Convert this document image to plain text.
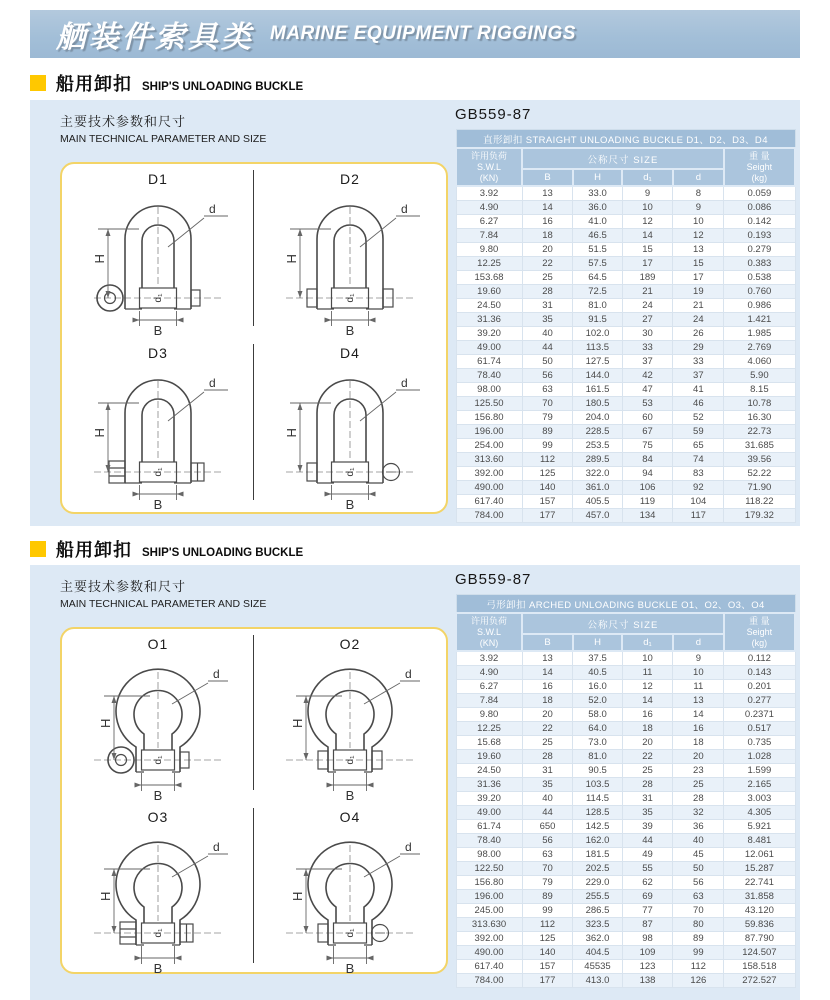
舾装件索具类 MARINE EQUIPMENT RIGGINGS
船用卸扣 SHIP'S UNLOADING BUCKLE
主要技术参数和尺寸
MAIN TECHNICAL PARAMETER AND SIZE
D1
H
B
d
d₁
D2
H
B
d
d₁
D3
H
B
d
d₁
D4
H
B
d
d₁
GB559-87
直形卸扣 STRAIGHT UNLOADING BUCKLE D1、D2、D3、D4					

许用负荷
S.W.L
(KN)
	公称尺寸 SIZE	重 量
Seight
(kg)

	B	H	d₁	d	
3.92	13	33.0	9	8	0.059
4.90	14	36.0	10	9	0.086
6.27	16	41.0	12	10	0.142
7.84	18	46.5	14	12	0.193
9.80	20	51.5	15	13	0.279
12.25	22	57.5	17	15	0.383
153.68	25	64.5	189	17	0.538
19.60	28	72.5	21	19	0.760
24.50	31	81.0	24	21	0.986
31.36	35	91.5	27	24	1.421
39.20	40	102.0	30	26	1.985
49.00	44	113.5	33	29	2.769
61.74	50	127.5	37	33	4.060
78.40	56	144.0	42	37	5.90
98.00	63	161.5	47	41	8.15
125.50	70	180.5	53	46	10.78
156.80	79	204.0	60	52	16.30
196.00	89	228.5	67	59	22.73
254.00	99	253.5	75	65	31.685
313.60	112	289.5	84	74	39.56
392.00	125	322.0	94	83	52.22
490.00	140	361.0	106	92	71.90
617.40	157	405.5	119	104	118.22
784.00	177	457.0	134	117	179.32
船用卸扣 SHIP'S UNLOADING BUCKLE
主要技术参数和尺寸
MAIN TECHNICAL PARAMETER AND SIZE
O1
H
B
d
d₁
O2
H
B
d
d₁
O3
H
B
d
d₁
O4
H
B
d
d₁
GB559-87
弓形卸扣 ARCHED UNLOADING BUCKLE O1、O2、O3、O4					

许用负荷
S.W.L
(KN)
	公称尺寸 SIZE	重 量
Seight
(kg)

	B	H	d₁	d	
3.92	13	37.5	10	9	0.112
4.90	14	40.5	11	10	0.143
6.27	16	16.0	12	11	0.201
7.84	18	52.0	14	13	0.277
9.80	20	58.0	16	14	0.2371
12.25	22	64.0	18	16	0.517
15.68	25	73.0	20	18	0.735
19.60	28	81.0	22	20	1.028
24.50	31	90.5	25	23	1.599
31.36	35	103.5	28	25	2.165
39.20	40	114.5	31	28	3.003
49.00	44	128.5	35	32	4.305
61.74	650	142.5	39	36	5.921
78.40	56	162.0	44	40	8.481
98.00	63	181.5	49	45	12.061
122.50	70	202.5	55	50	15.287
156.80	79	229.0	62	56	22.741
196.00	89	255.5	69	63	31.858
245.00	99	286.5	77	70	43.120
313.630	112	323.5	87	80	59.836
392.00	125	362.0	98	89	87.790
490.00	140	404.5	109	99	124.507
617.40	157	45535	123	112	158.518
784.00	177	413.0	138	126	272.527
